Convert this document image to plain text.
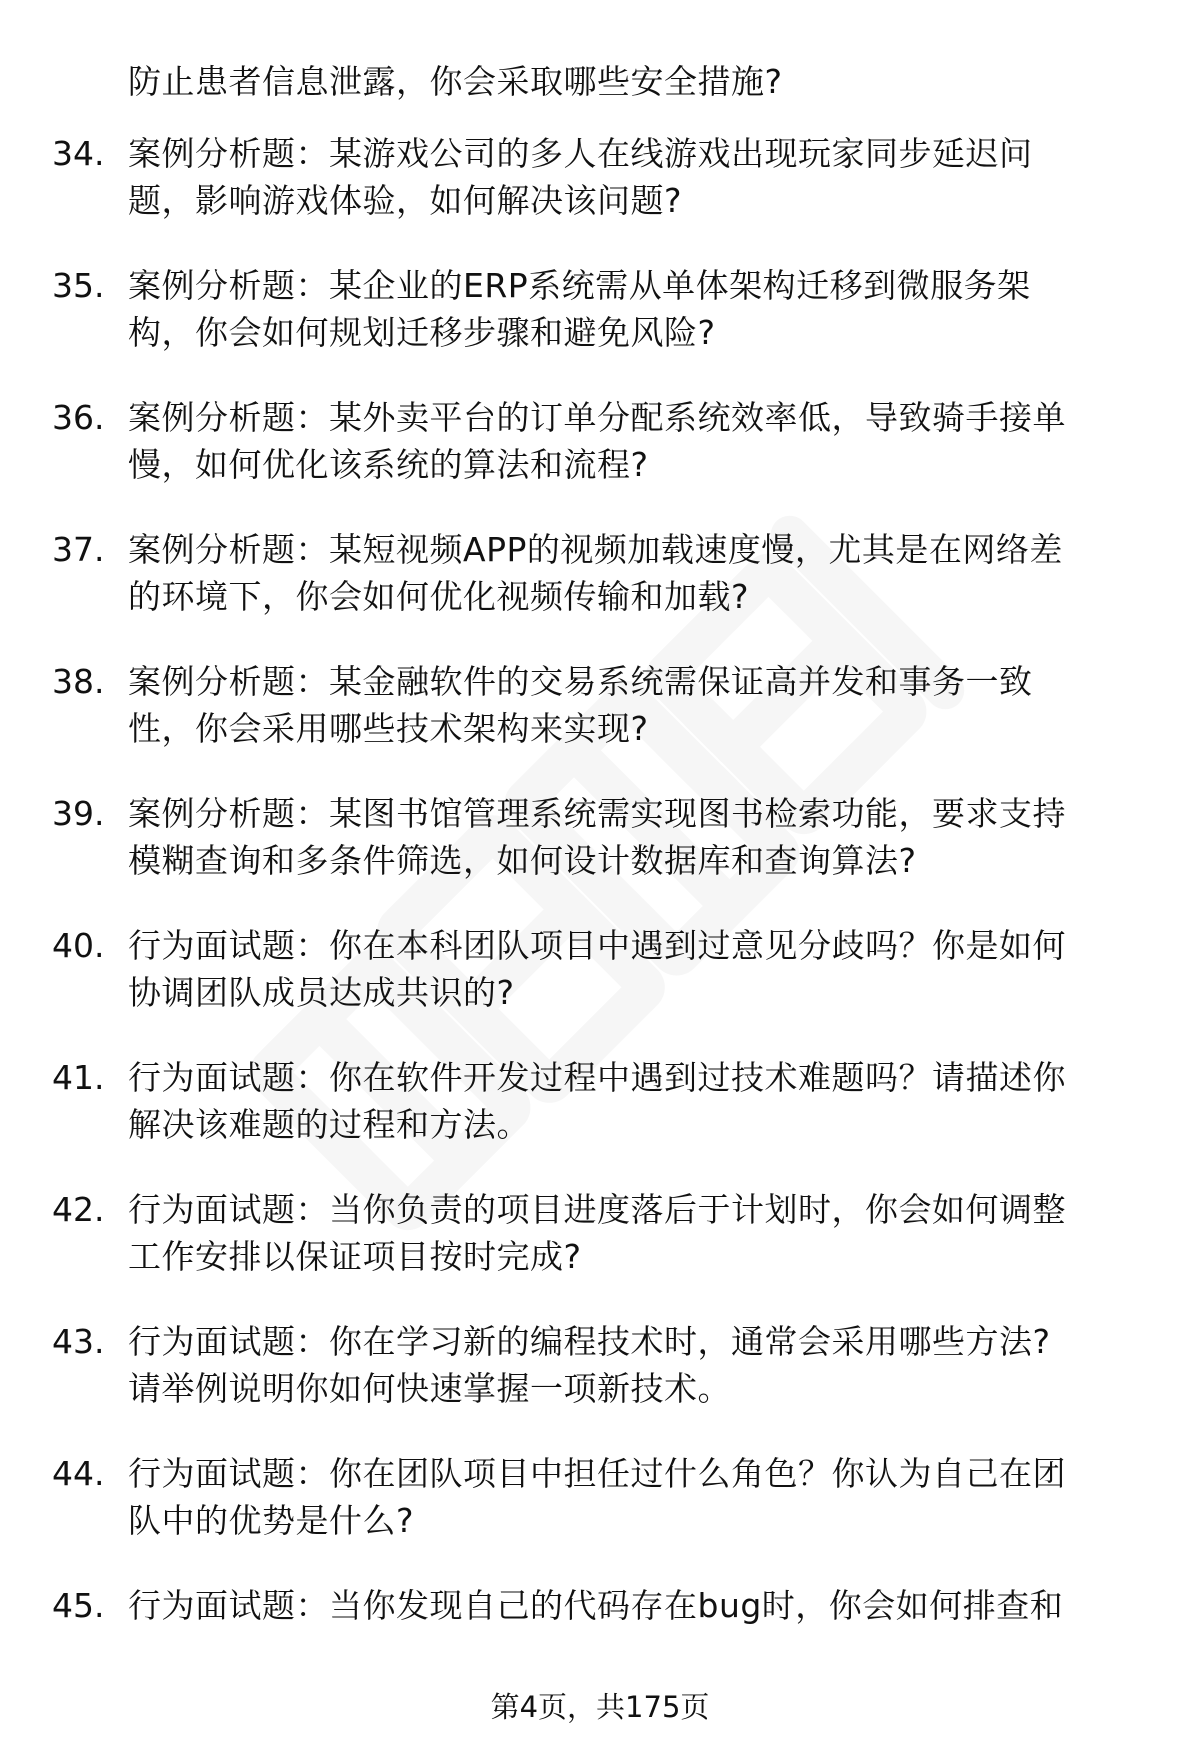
防止患者信息泄露，你会采取哪些安全措施?
34. 案例分析题：某游戏公司的多人在线游戏出现玩家同步延迟问
题，影响游戏体验，如何解决该问题?
35. 案例分析题：某企业的ERP系统需从单体架构迁移到微服务架
构，你会如何规划迁移步骤和避免风险?
36. 案例分析题：某外卖平台的订单分配系统效率低，导致骑手接单
慢，如何优化该系统的算法和流程?
37. 案例分析题：某短视频APP的视频加载速度慢，尤其是在网络差
的环境下，你会如何优化视频传输和加载?
38. 案例分析题：某金融软件的交易系统需保证高并发和事务一致
性，你会采用哪些技术架构来实现?
39. 案例分析题：某图书馆管理系统需实现图书检索功能，要求支持
模糊查询和多条件筛选，如何设计数据库和查询算法?
40. 行为面试题：你在本科团队项目中遇到过意见分歧吗？你是如何
协调团队成员达成共识的?
41. 行为面试题：你在软件开发过程中遇到过技术难题吗？请描述你
解决该难题的过程和方法。
42. 行为面试题：当你负责的项目进度落后于计划时，你会如何调整
工作安排以保证项目按时完成?
43. 行为面试题：你在学习新的编程技术时，通常会采用哪些方法?
请举例说明你如何快速掌握一项新技术。
44. 行为面试题：你在团队项目中担任过什么角色？你认为自己在团
队中的优势是什么?
45. 行为面试题：当你发现自己的代码存在bug时，你会如何排查和
第4页，共175页
